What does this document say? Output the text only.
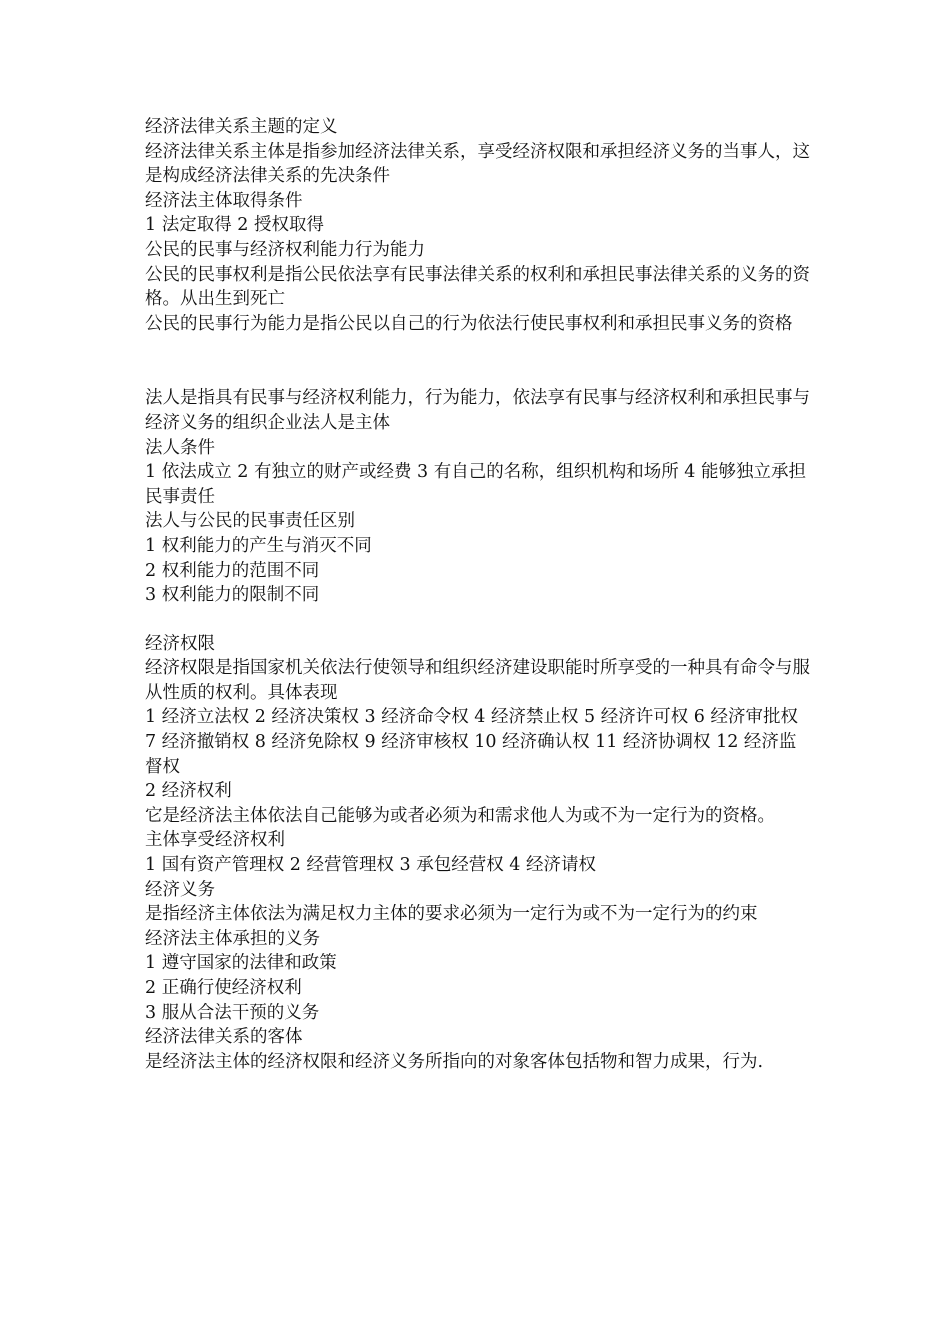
经济法律关系主题的定义

经济法律关系主体是指参加经济法律关系，享受经济权限和承担经济义务的当事人，这是构成经济法律关系的先决条件

经济法主体取得条件

1 法定取得 2 授权取得

公民的民事与经济权利能力行为能力

公民的民事权利是指公民依法享有民事法律关系的权利和承担民事法律关系的义务的资格。从出生到死亡

公民的民事行为能力是指公民以自己的行为依法行使民事权利和承担民事义务的资格

法人是指具有民事与经济权利能力，行为能力，依法享有民事与经济权利和承担民事与经济义务的组织企业法人是主体

法人条件

1 依法成立 2 有独立的财产或经费 3 有自己的名称，组织机构和场所 4 能够独立承担民事责任

法人与公民的民事责任区别

1 权利能力的产生与消灭不同

2 权利能力的范围不同

3 权利能力的限制不同

经济权限

经济权限是指国家机关依法行使领导和组织经济建设职能时所享受的一种具有命令与服从性质的权利。具体表现

1 经济立法权 2 经济决策权 3 经济命令权 4 经济禁止权 5 经济许可权 6 经济审批权 7 经济撤销权 8 经济免除权 9 经济审核权 10 经济确认权 11 经济协调权 12 经济监督权

2 经济权利

它是经济法主体依法自己能够为或者必须为和需求他人为或不为一定行为的资格。

主体享受经济权利

1 国有资产管理权 2 经营管理权 3 承包经营权 4 经济请权

经济义务

是指经济主体依法为满足权力主体的要求必须为一定行为或不为一定行为的约束

经济法主体承担的义务

1 遵守国家的法律和政策

2 正确行使经济权利

3 服从合法干预的义务

经济法律关系的客体

是经济法主体的经济权限和经济义务所指向的对象客体包括物和智力成果，行为.
